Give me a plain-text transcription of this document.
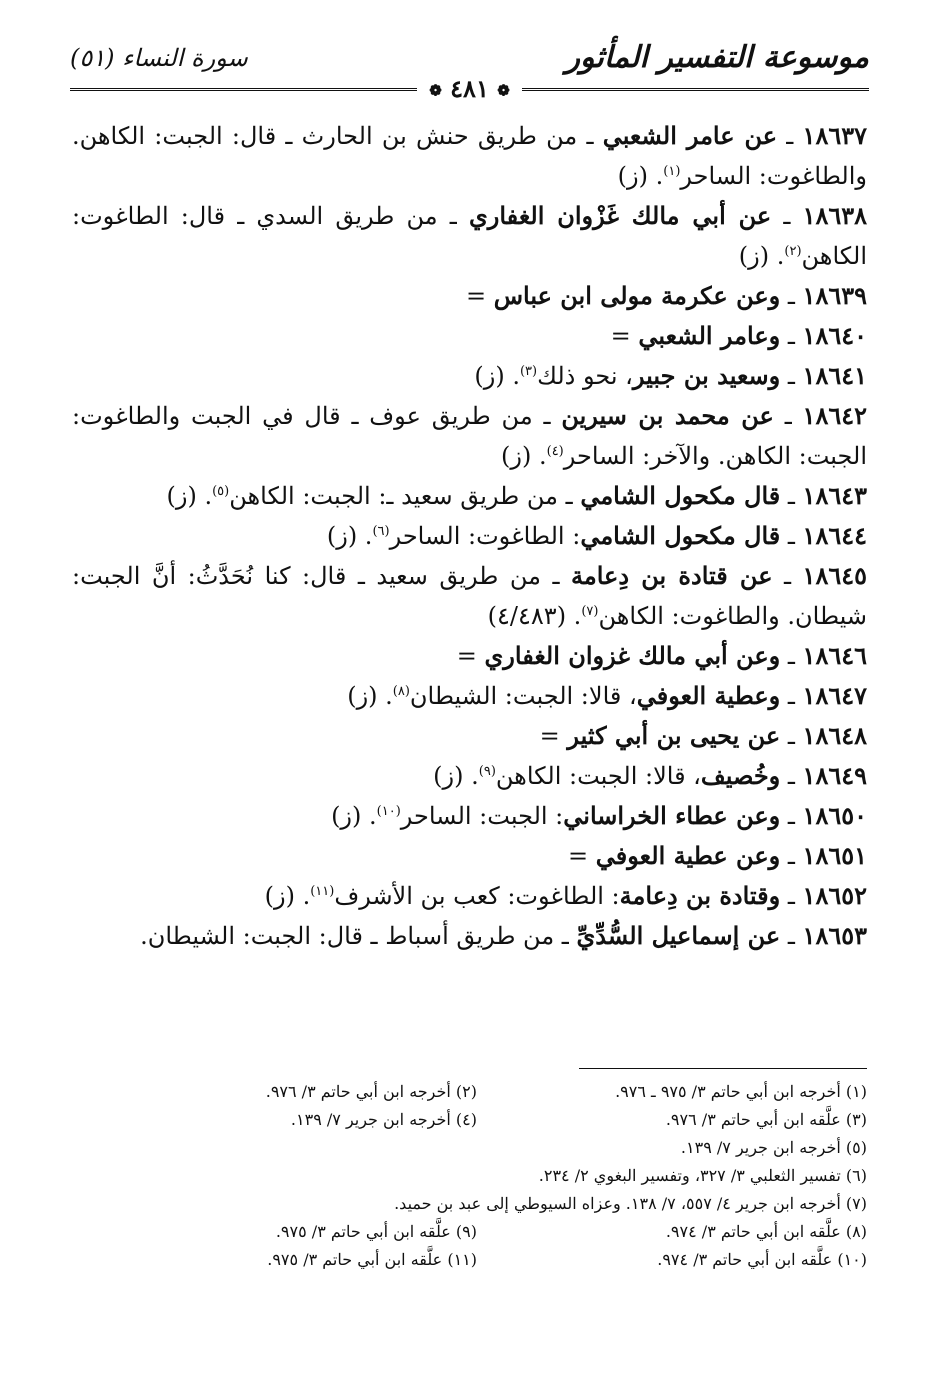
موسوعة التفسير المأثور
سورة النساء (٥١)
❁ ٤٨١ ❁

١٨٦٣٧ ـ عن عامر الشعبي ـ من طريق حنش بن الحارث ـ قال: الجبت: الكاهن. والطاغوت: الساحر$^{(١)}$. (ز)

١٨٦٣٨ ـ عن أبي مالك غَزْوان الغفاري ـ من طريق السدي ـ قال: الطاغوت: الكاهن$^{(٢)}$. (ز)

١٨٦٣٩ ـ وعن عكرمة مولى ابن عباس =

١٨٦٤٠ ـ وعامر الشعبي =

١٨٦٤١ ـ وسعيد بن جبير، نحو ذلك$^{(٣)}$. (ز)

١٨٦٤٢ ـ عن محمد بن سيرين ـ من طريق عوف ـ قال في الجبت والطاغوت: الجبت: الكاهن. والآخر: الساحر$^{(٤)}$. (ز)

١٨٦٤٣ ـ قال مكحول الشامي ـ من طريق سعيد ـ: الجبت: الكاهن$^{(٥)}$. (ز)

١٨٦٤٤ ـ قال مكحول الشامي: الطاغوت: الساحر$^{(٦)}$. (ز)

١٨٦٤٥ ـ عن قتادة بن دِعامة ـ من طريق سعيد ـ قال: كنا نُحَدَّثُ: أنَّ الجبت: شيطان. والطاغوت: الكاهن$^{(٧)}$. (٤/٤٨٣)

١٨٦٤٦ ـ وعن أبي مالك غزوان الغفاري =

١٨٦٤٧ ـ وعطية العوفي، قالا: الجبت: الشيطان$^{(٨)}$. (ز)

١٨٦٤٨ ـ عن يحيى بن أبي كثير =

١٨٦٤٩ ـ وخُصيف، قالا: الجبت: الكاهن$^{(٩)}$. (ز)

١٨٦٥٠ ـ وعن عطاء الخراساني: الجبت: الساحر$^{(١٠)}$. (ز)

١٨٦٥١ ـ وعن عطية العوفي =

١٨٦٥٢ ـ وقتادة بن دِعامة: الطاغوت: كعب بن الأشرف$^{(١١)}$. (ز)

١٨٦٥٣ ـ عن إسماعيل السُّدِّيِّ ـ من طريق أسباط ـ قال: الجبت: الشيطان.

(١) أخرجه ابن أبي حاتم ٣/ ٩٧٥ ـ ٩٧٦.
(٢) أخرجه ابن أبي حاتم ٣/ ٩٧٦.
(٣) علَّقه ابن أبي حاتم ٣/ ٩٧٦.
(٤) أخرجه ابن جرير ٧/ ١٣٩.
(٥) أخرجه ابن جرير ٧/ ١٣٩.
(٦) تفسير الثعلبي ٣/ ٣٢٧، وتفسير البغوي ٢/ ٢٣٤.
(٧) أخرجه ابن جرير ٤/ ٥٥٧، ٧/ ١٣٨. وعزاه السيوطي إلى عبد بن حميد.
(٨) علَّقه ابن أبي حاتم ٣/ ٩٧٤.
(٩) علَّقه ابن أبي حاتم ٣/ ٩٧٥.
(١٠) علَّقه ابن أبي حاتم ٣/ ٩٧٤.
(١١) علَّقه ابن أبي حاتم ٣/ ٩٧٥.
